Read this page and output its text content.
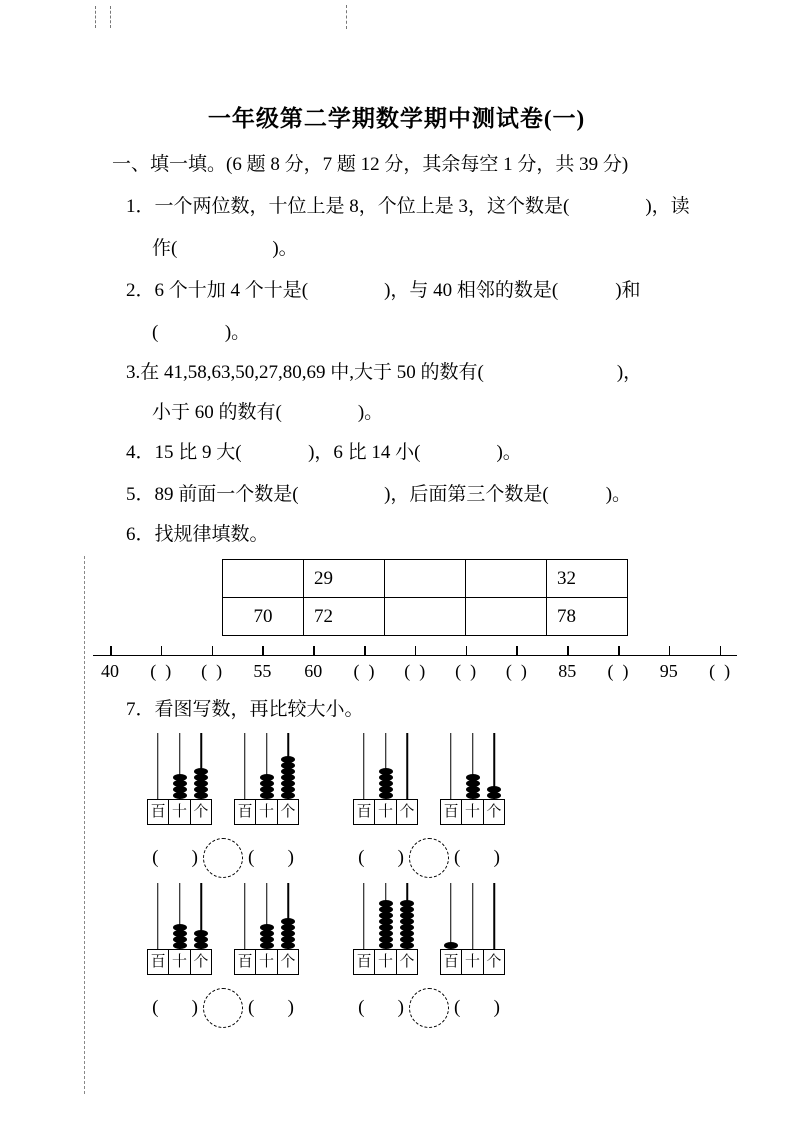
一年级第二学期数学期中测试卷(一)
一、填一填。(6 题 8 分，7 题 12 分，其余每空 1 分，共 39 分)
1．一个两位数，十位上是 8，个位上是 3，这个数是(                )，读
作(                    )。
2．6 个十加 4 个十是(                )，与 40 相邻的数是(            )和
(              )。
3.在 41,58,63,50,27,80,69 中,大于 50 的数有(                            )，
小于 60 的数有(                )。
4．15 比 9 大(              )，6 比 14 小(                )。
5．89 前面一个数是(                  )，后面第三个数是(            )。
6．找规律填数。
	29			32
70	72			78
40 (  ) (  ) 55 60 (  ) (  ) (  ) (  ) 85 (  ) 95 (  )
7．看图写数，再比较大小。
百 十 个 百 十 个
(       )	(       )
百 十 个 百 十 个
(       )	(       )
百 十 个 百 十 个
(       )	(       )
百 十 个 百 十 个
(       )	(       )
